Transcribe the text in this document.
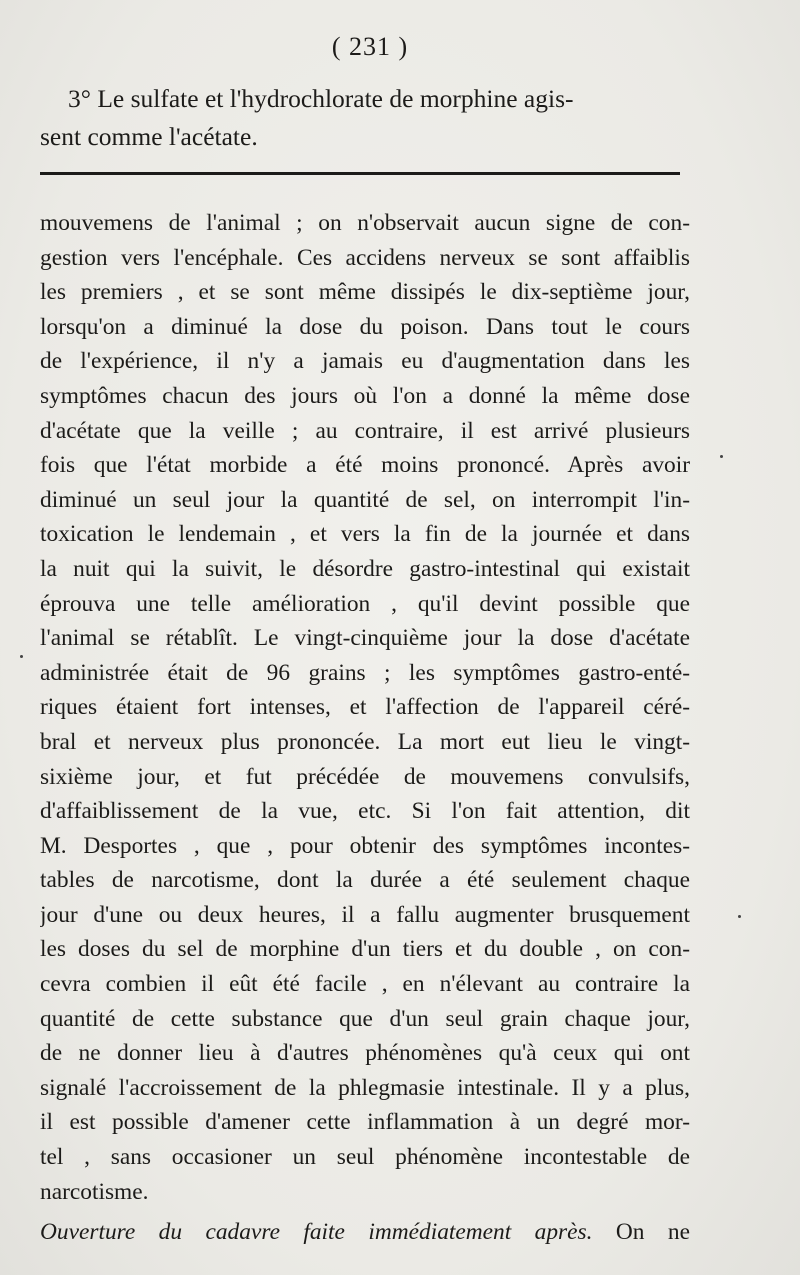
( 231 )
3° Le sulfate et l'hydrochlorate de morphine agis-
sent comme l'acétate.
mouvemens de l'animal ; on n'observait aucun signe de con-
gestion vers l'encéphale. Ces accidens nerveux se sont affaiblis
les premiers , et se sont même dissipés le dix-septième jour,
lorsqu'on a diminué la dose du poison. Dans tout le cours
de l'expérience, il n'y a jamais eu d'augmentation dans les
symptômes chacun des jours où l'on a donné la même dose
d'acétate que la veille ; au contraire, il est arrivé plusieurs
fois que l'état morbide a été moins prononcé. Après avoir
diminué un seul jour la quantité de sel, on interrompit l'in-
toxication le lendemain , et vers la fin de la journée et dans
la nuit qui la suivit, le désordre gastro-intestinal qui existait
éprouva une telle amélioration , qu'il devint possible que
l'animal se rétablît. Le vingt-cinquième jour la dose d'acétate
administrée était de 96 grains ; les symptômes gastro-enté-
riques étaient fort intenses, et l'affection de l'appareil céré-
bral et nerveux plus prononcée. La mort eut lieu le vingt-
sixième jour, et fut précédée de mouvemens convulsifs,
d'affaiblissement de la vue, etc. Si l'on fait attention, dit
M. Desportes , que , pour obtenir des symptômes incontes-
tables de narcotisme, dont la durée a été seulement chaque
jour d'une ou deux heures, il a fallu augmenter brusquement
les doses du sel de morphine d'un tiers et du double , on con-
cevra combien il eût été facile , en n'élevant au contraire la
quantité de cette substance que d'un seul grain chaque jour,
de ne donner lieu à d'autres phénomènes qu'à ceux qui ont
signalé l'accroissement de la phlegmasie intestinale. Il y a plus,
il est possible d'amener cette inflammation à un degré mor-
tel , sans occasioner un seul phénomène incontestable de
narcotisme.
Ouverture du cadavre faite immédiatement après. On ne
